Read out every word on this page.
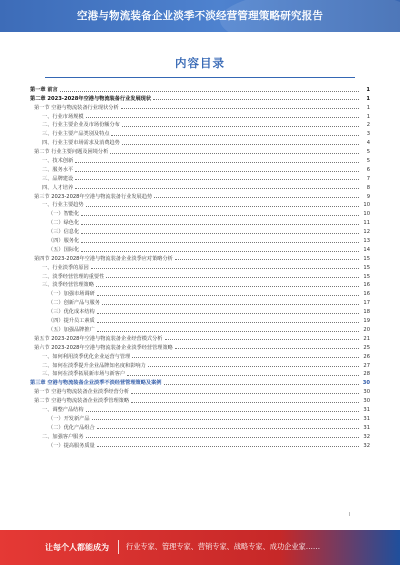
空港与物流装备企业淡季不淡经营管理策略研究报告
内容目录
第一章 前言	1
第二章 2023-2028年空港与物流装备行业发展现状	1
第一节 空港与物流装备行业现状分析	1
一、行业市场规模	1
二、行业主要企业及市场份额分布	2
三、行业主要产品类别及特点	3
四、行业主要市场需求及消费趋势	4
第二节 行业主要问题及困境分析	5
一、技术创新	5
二、服务水平	6
三、品牌建设	7
四、人才培养	8
第三节 2023-2028年空港与物流装备行业发展趋势	9
一、行业主要趋势	10
（一）智能化	10
（二）绿色化	11
（三）信息化	12
（四）服务化	13
（五）国际化	14
第四节 2023-2028年空港与物流装备企业淡季应对策略分析	15
一、行业淡季的原因	15
二、淡季经营管理的重要性	15
三、淡季经营管理策略	16
（一）加强市场调研	16
（二）创新产品与服务	17
（三）优化成本结构	18
（四）提升员工素质	19
（五）加强品牌推广	20
第五节 2023-2028年空港与物流装备企业经营模式分析	21
第六节 2023-2028年空港与物流装备企业淡季经营管理策略	25
一、如何利用淡季优化企业运营与管理	26
二、如何在淡季提升企业品牌知名度和影响力	27
三、如何在淡季拓展新市场与新客户	28
第三章 空港与物流装备企业淡季不淡经营管理策略及案例	30
第一节 空港与物流装备企业淡季经营分析	30
第二节 空港与物流装备企业淡季管理策略	30
一、调整产品结构	31
（一）开发新产品	31
（二）优化产品组合	31
二、加强客户服务	32
（一）提高服务质量	32
I
让每个人都能成为 行业专家、管理专家、营销专家、战略专家、成功企业家……
